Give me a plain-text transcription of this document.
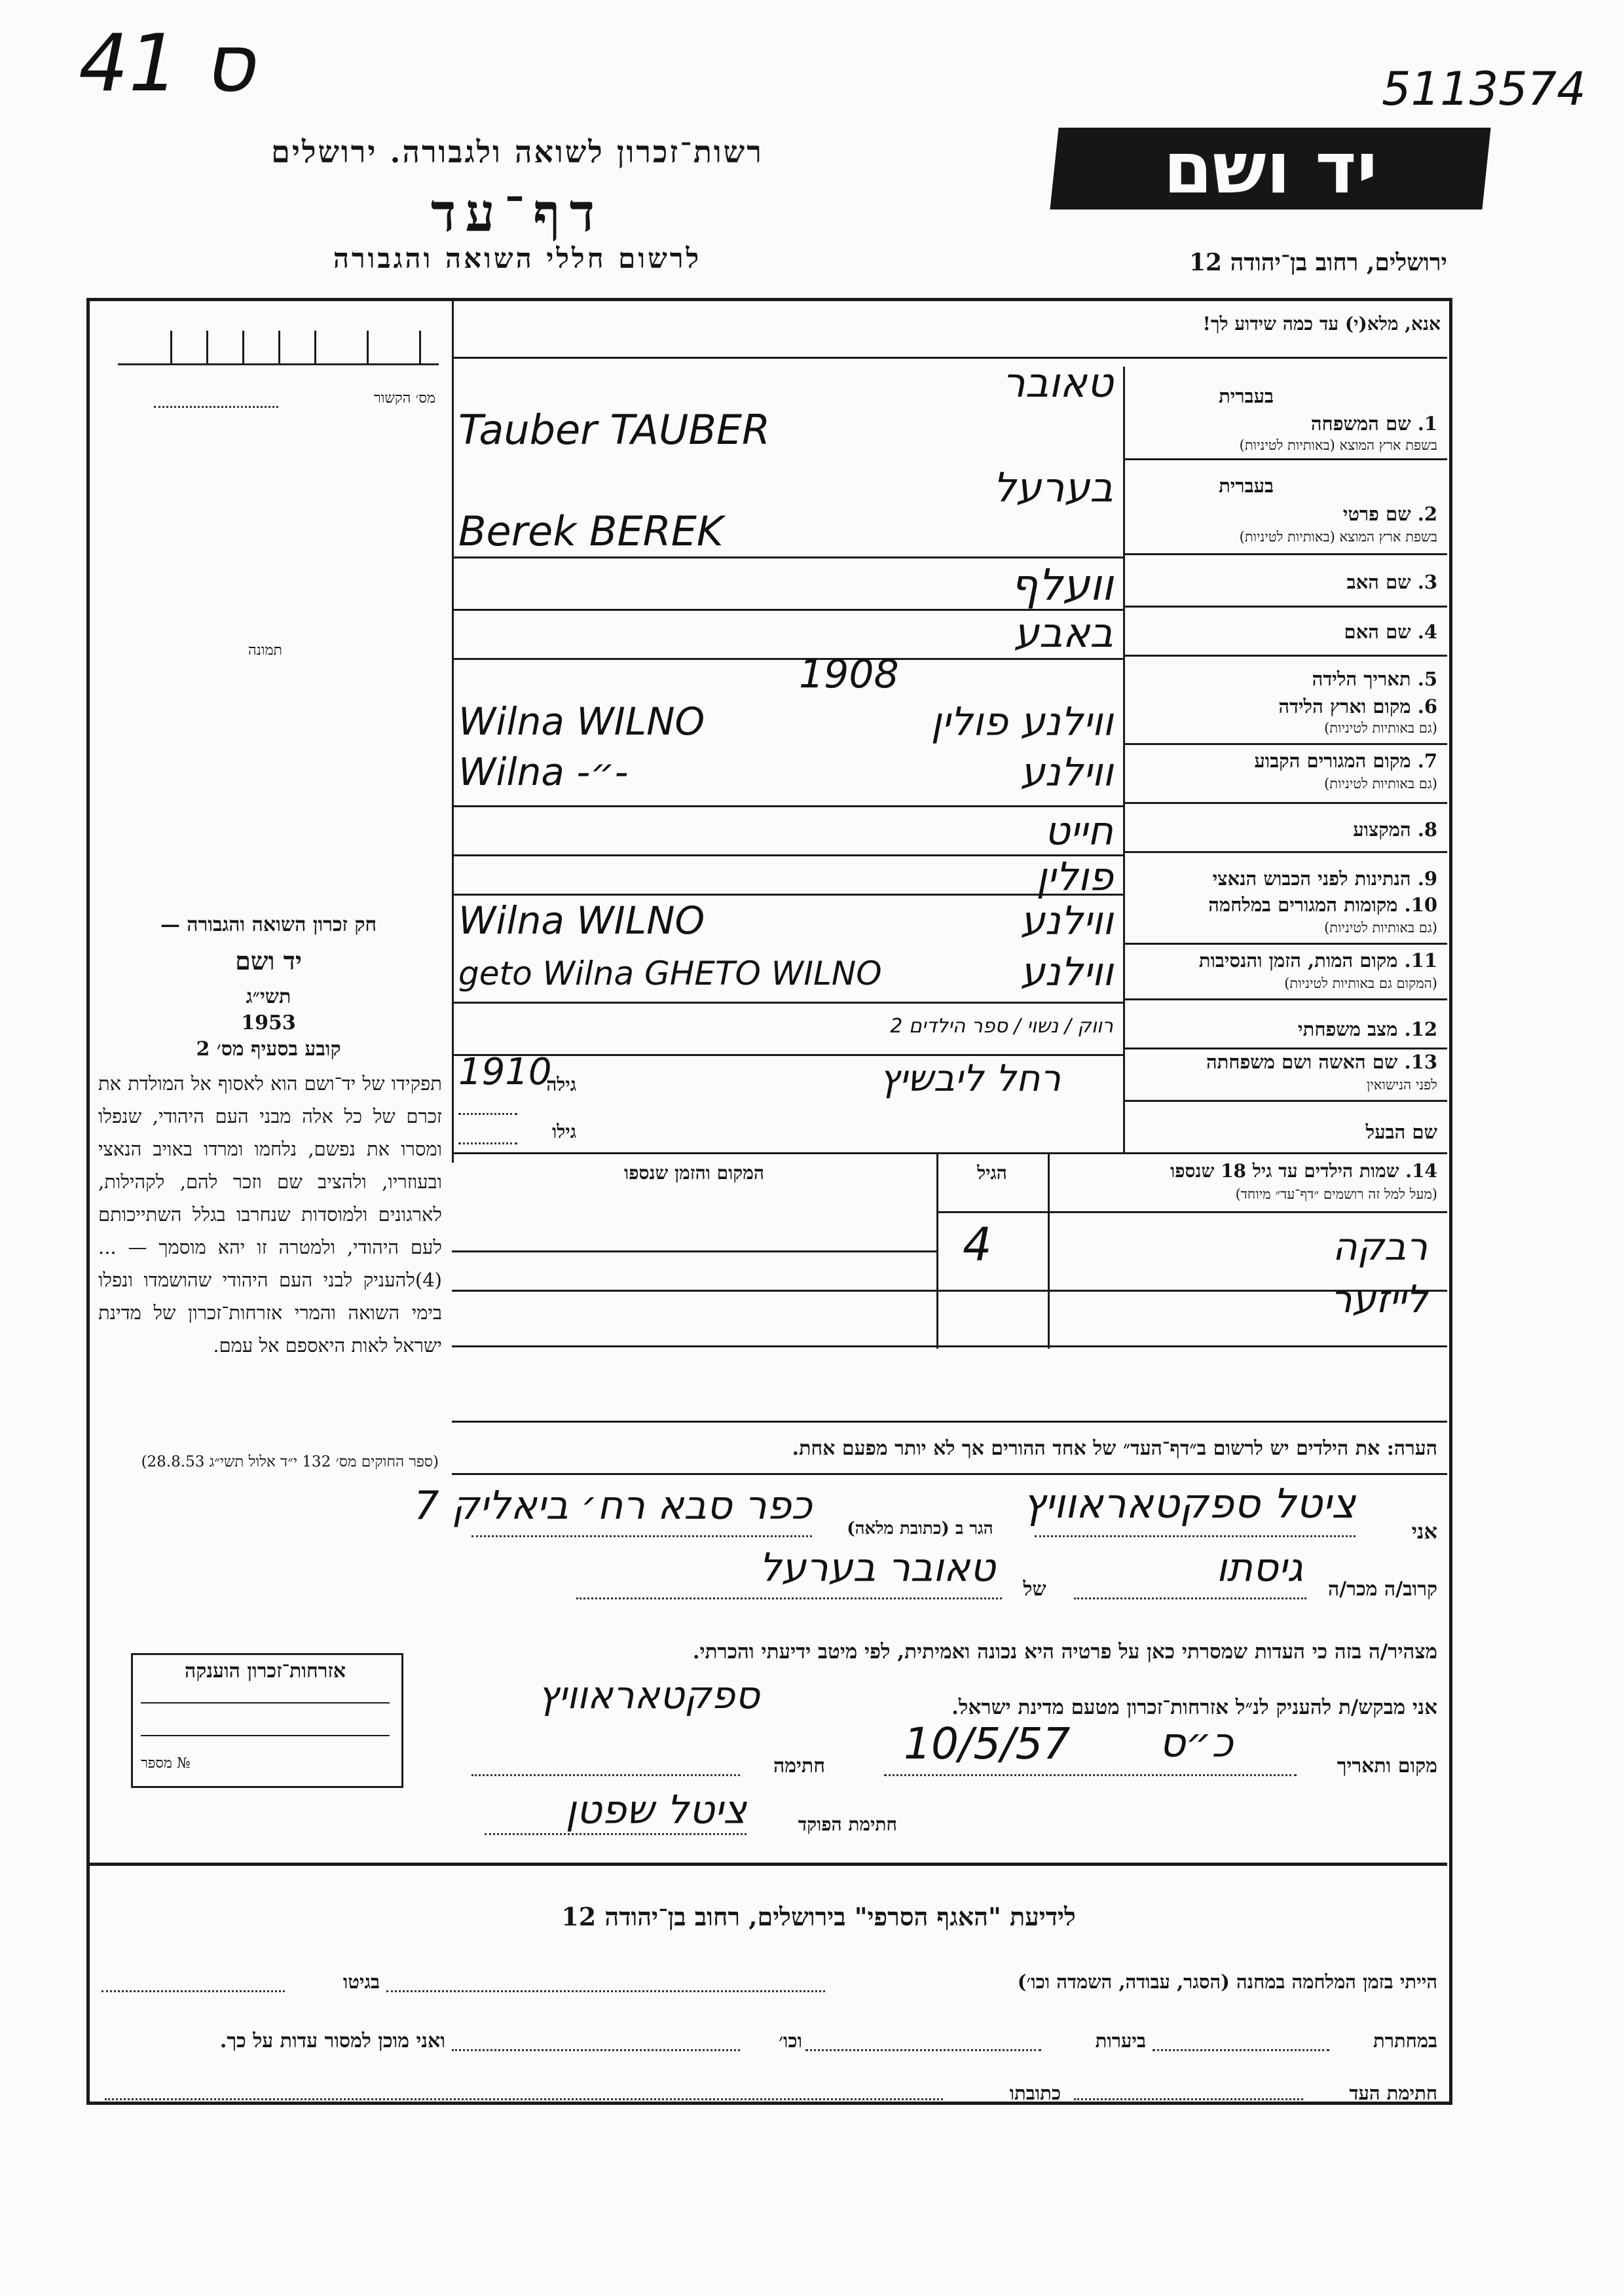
ס 41	5113574
יד ושם
רשות־זכרון לשואה ולגבורה. ירושלים
דף־עד
לרשום חללי השואה והגבורה	ירושלים, רחוב בן־יהודה 12
אנא, מלא(י) עד כמה שידוע לך!
מס׳ הקשור
תמונה
בעברית
1. שם המשפחה
בשפת ארץ המוצא (באותיות לטיניות)
בעברית
2. שם פרטי
בשפת ארץ המוצא (באותיות לטיניות)
3. שם האב
4. שם האם
5. תאריך הלידה
6. מקום וארץ הלידה
(גם באותיות לטיניות)
7. מקום המגורים הקבוע
(גם באותיות לטיניות)
8. המקצוע
9. הנתינות לפני הכבוש הנאצי
10. מקומות המגורים במלחמה
(גם באותיות לטיניות)
11. מקום המות, הזמן והנסיבות
(המקום גם באותיות לטיניות)
12. מצב משפחתי
13. שם האשה ושם משפחתה
לפני הנישואין
שם הבעל
טאובר
Tauber TAUBER
בערעל
Berek BEREK
וועלף
באבע
1908
ווילנע פולין
Wilna WILNO
ווילנע
Wilna -״-
חייט
פולין
ווילנע
Wilna WILNO
ווילנע
geto Wilna GHETO WILNO
רווק / נשוי / ספר הילדים 2
רחל ליבשיץ
גילה
1910
גילו
14. שמות הילדים עד גיל 18 שנספו
(מעל למל זה רושמים ״דף־עד״ מיוחד)
הגיל
המקום והזמן שנספו
רבקה
4
לייזער
הערה: את הילדים יש לרשום ב״דף־העד״ של אחד ההורים אך לא יותר מפעם אחת.
חק זכרון השואה והגבורה —
יד ושם
תשי״ג
1953
קובע בסעיף מס׳ 2
תפקידו של יד־ושם הוא לאסוף אל המולדת את זכרם של כל אלה מבני העם היהודי, שנפלו ומסרו את נפשם, נלחמו ומרדו באויב הנאצי ובעוזריו, ולהציב שם וזכר להם, לקהילות, לארגונים ולמוסדות שנחרבו בגלל השתייכותם לעם היהודי, ולמטרה זו יהא מוסמך — ...(4)להעניק לבני העם היהודי שהושמדו ונפלו בימי השואה והמרי אזרחות־זכרון של מדינת ישראל לאות היאספם אל עמם.
(ספר החוקים מס׳ 132 י״ד אלול תשי״ג 28.8.53)
אזרחות־זכרון הוענקה
№ מספר
אני
ציטל ספקטאראוויץ
הגר ב (כתובת מלאה)
כפר סבא רח׳ ביאליק 7
קרוב/ה מכר/ה
גיסתו
של
טאובר בערעל
מצהיר/ה בזה כי העדות שמסרתי כאן על פרטיה היא נכונה ואמיתית, לפי מיטב ידיעתי והכרתי.
אני מבקש/ת להעניק לנ״ל אזרחות־זכרון מטעם מדינת ישראל.
ספקטאראוויץ
מקום ותאריך
כ״ס
10/5/57
חתימה
חתימת הפוקד
ציטל שפטן
לידיעת "האגף הסרפי" בירושלים, רחוב בן־יהודה 12
הייתי בזמן המלחמה במחנה (הסגר, עבודה, השמדה וכו׳)
בגיטו
במחתרת
ביערות
וכו׳
ואני מוכן למסור עדות על כך.
חתימת העד
כתובתו
